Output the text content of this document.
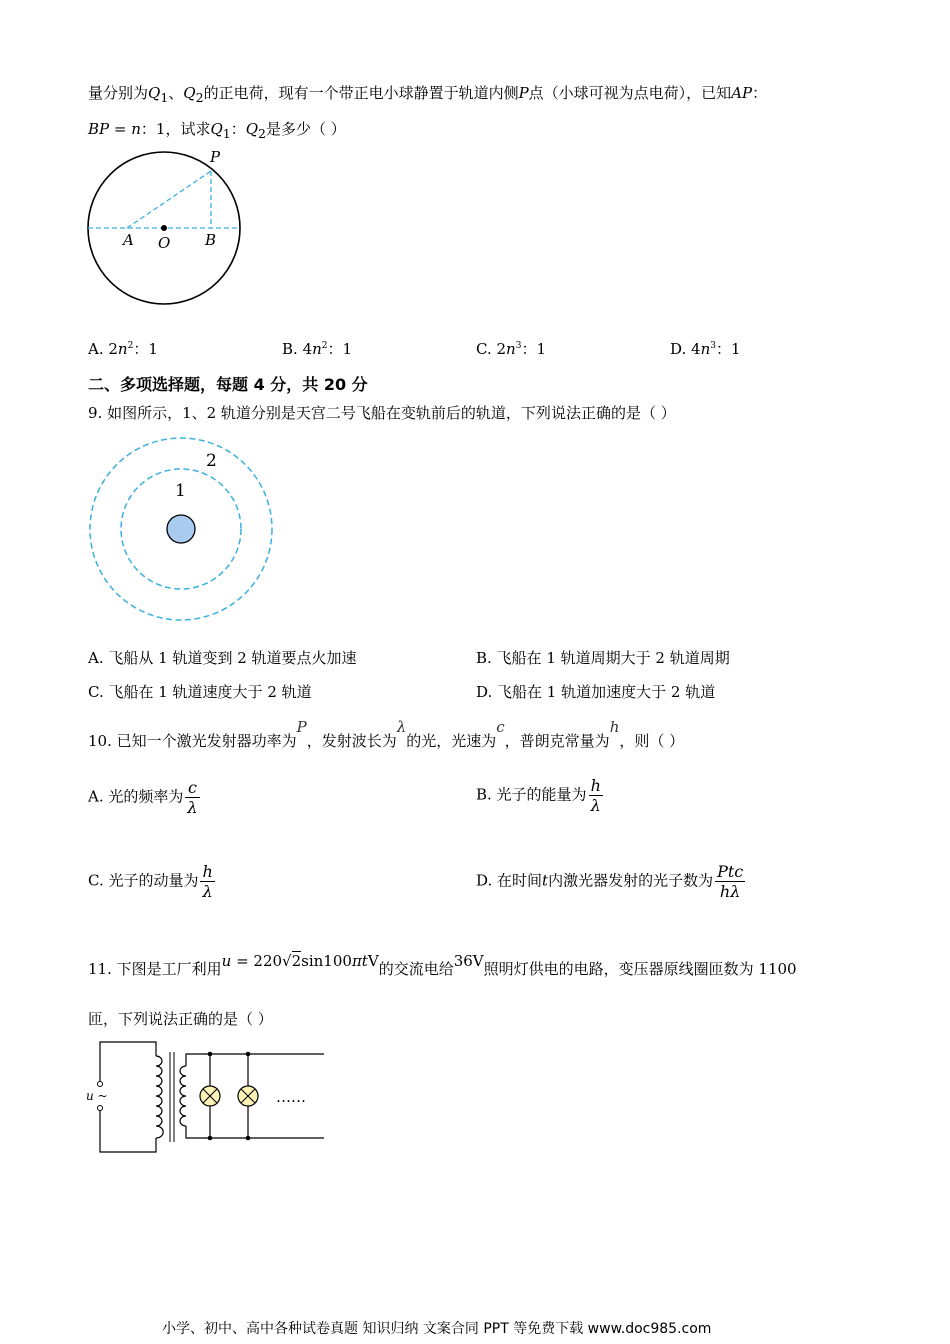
量分别为$Q_1$、$Q_2$的正电荷，现有一个带正电小球静置于轨道内侧P点（小球可视为点电荷），已知AP：
BP = n：1，试求$Q_1$：$Q_2$是多少（ ）
P
A O B
A. $2n^2$：1	B. $4n^2$：1	C. $2n^3$：1	D. $4n^3$：1
二、多项选择题，每题 4 分，共 20 分
9. 如图所示，1、2 轨道分别是天宫二号飞船在变轨前后的轨道，下列说法正确的是（ ）
1
2
A. 飞船从 1 轨道变到 2 轨道要点火加速	B. 飞船在 1 轨道周期大于 2 轨道周期
C. 飞船在 1 轨道速度大于 2 轨道	D. 飞船在 1 轨道加速度大于 2 轨道
10. 已知一个激光发射器功率为P，发射波长为λ的光，光速为c，普朗克常量为h，则（ ）
A. 光的频率为 $\frac{c}{\lambda}$	B. 光子的能量为 $\frac{h}{\lambda}$
C. 光子的动量为 $\frac{h}{\lambda}$	D. 在时间t内激光器发射的光子数为 $\frac{\text{Ptc}}{h\lambda}$
11. 下图是工厂利用u = 220√2sin100πtV的交流电给36V照明灯供电的电路，变压器原线圈匝数为 1100
匝，下列说法正确的是（ ）
u ~	……
小学、初中、高中各种试卷真题 知识归纳 文案合同 PPT 等免费下载 www.doc985.com
